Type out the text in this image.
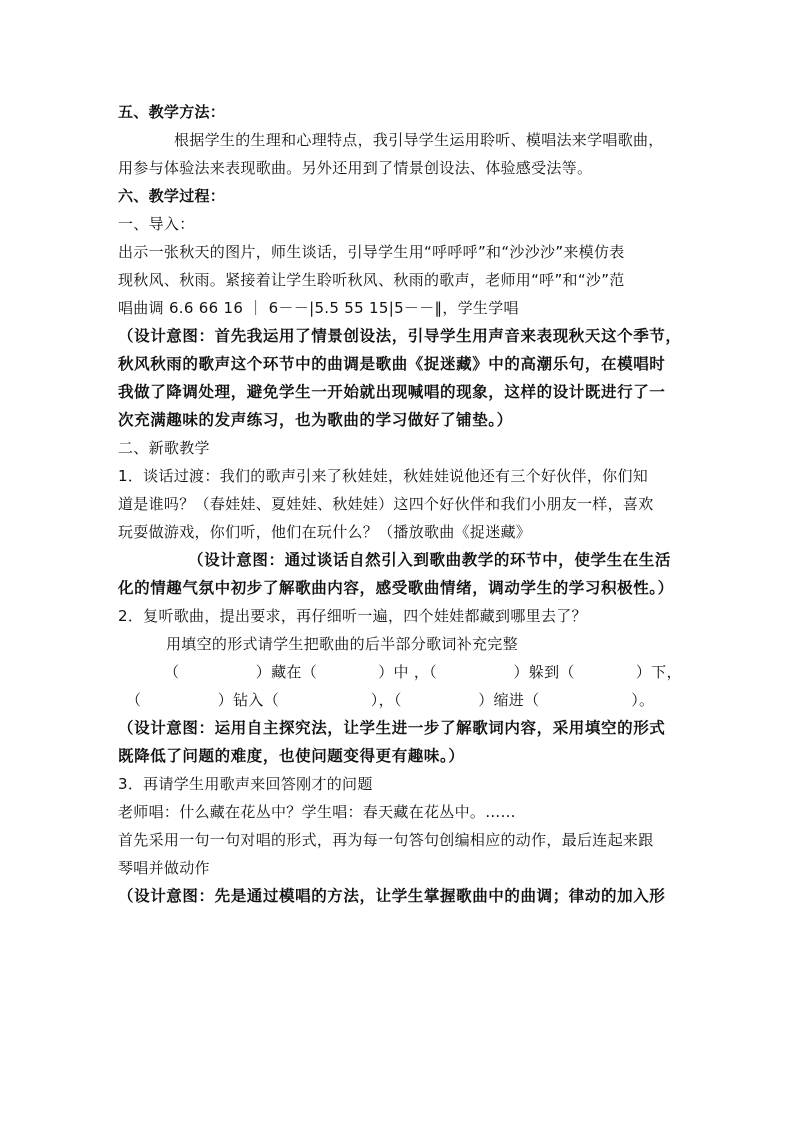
五、教学方法：

根据学生的生理和心理特点，我引导学生运用聆听、模唱法来学唱歌曲，

用参与体验法来表现歌曲。另外还用到了情景创设法、体验感受法等。

六、教学过程：

一、导入：

出示一张秋天的图片，师生谈话，引导学生用“呼呼呼”和“沙沙沙”来模仿表

现秋风、秋雨。紧接着让学生聆听秋风、秋雨的歌声，老师用“呼”和“沙”范

唱曲调 6.6 66 16 ｜ 6－－|5.5 55 15|5－－‖，学生学唱

（设计意图：首先我运用了情景创设法，引导学生用声音来表现秋天这个季节，

秋风秋雨的歌声这个环节中的曲调是歌曲《捉迷藏》中的高潮乐句，在模唱时

我做了降调处理，避免学生一开始就出现喊唱的现象，这样的设计既进行了一

次充满趣味的发声练习，也为歌曲的学习做好了铺垫。）

二、新歌教学

1．谈话过渡：我们的歌声引来了秋娃娃，秋娃娃说他还有三个好伙伴，你们知

道是谁吗？（春娃娃、夏娃娃、秋娃娃）这四个好伙伴和我们小朋友一样，喜欢

玩耍做游戏，你们听，他们在玩什么？（播放歌曲《捉迷藏》

（设计意图：通过谈话自然引入到歌曲教学的环节中，使学生在生活

化的情趣气氛中初步了解歌曲内容，感受歌曲情绪，调动学生的学习积极性。）

2．复听歌曲，提出要求，再仔细听一遍，四个娃娃都藏到哪里去了？

用填空的形式请学生把歌曲的后半部分歌词补充完整

（　　　　　）藏在（　　　　）中 ，（　　　　　）躲到（　　　　）下，

（　　　　　）钻入（　　　　　　），（　　　　　）缩进（　　　　　　）。

（设计意图：运用自主探究法，让学生进一步了解歌词内容，采用填空的形式

既降低了问题的难度，也使问题变得更有趣味。）

3．再请学生用歌声来回答刚才的问题

老师唱：什么藏在花丛中？学生唱：春天藏在花丛中。……

首先采用一句一句对唱的形式，再为每一句答句创编相应的动作，最后连起来跟

琴唱并做动作

（设计意图：先是通过模唱的方法，让学生掌握歌曲中的曲调；律动的加入形
